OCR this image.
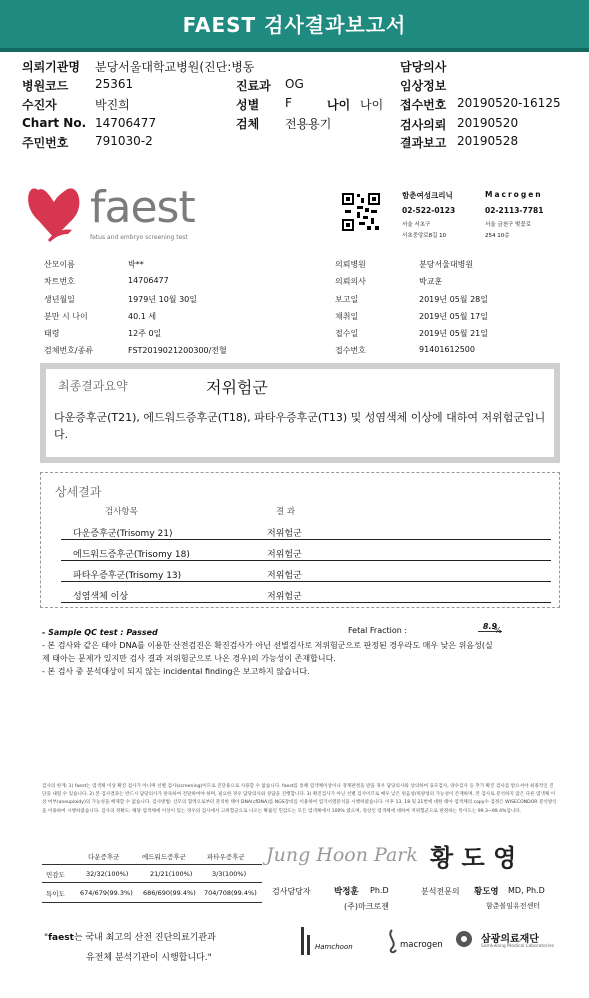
FAEST 검사결과보고서
의뢰기관명 분당서울대학교병원(진단:병동
병원코드 25361
수진자	박진희
Chart No. 14706477
주민번호 791030-2
진료과 OG
성별 F	나이 나이
검체 전용용기
담당의사
임상정보
접수번호 20190520-16125
검사의뢰 20190520
결과보고 20190528
faest
fetus and embryo screening test
함춘여성크리닉
02-522-0123
서울 서초구
서초중앙로8길 10
Macrogen
02-2113-7781
서울 금천구 벚꽃로
254 10층
산모이름	박**
차트번호	14706477
생년월일	1979년 10월 30일
분만 시 나이	40.1 세
태령	12주 0일
검체번호/종류	FST2019021200300/전혈
의뢰병원	분당서울대병원
의뢰의사	박교훈
보고일	2019년 05월 28일
채취일	2019년 05월 17일
접수일	2019년 05월 21일
접수번호	91401612500
최종결과요약	저위험군
다운증후군(T21), 에드워드증후군(T18), 파타우증후군(T13) 및 성염색체 이상에 대하여 저위험군입니다.
상세결과
검사항목	결 과
다운증후군(Trisomy 21)	저위험군
에드워드증후군(Trisomy 18)	저위험군
파타우증후군(Trisomy 13)	저위험군
성염색체 이상	저위험군
- Sample QC test : Passed	Fetal Fraction :	8.9
%
- 본 검사와 같은 태아 DNA를 이용한 산전검진은 확진검사가 아닌 선별검사로 저위험군으로 판정된 경우라도 매우 낮은 위음성(실
제 태아는 문제가 있지만 검사 결과 저위험군으로 나온 경우)의 가능성이 존재합니다.
- 본 검사 중 분석대상이 되지 않는 incidental finding은 보고하지 않습니다.
검사의 한계: 1) faest는 염색체 이상 확진 검사가 아니며 선별 검사(screening)이므로 진단용으로 사용할 수 없습니다. faest를 통해 염색체이상이나 경계판정을 받을 경우 담당의사와 상의하여 융모검사, 양수검사 등 추가 확진 검사를 받으셔야 최종적인 진단을 내릴 수 있습니다. 2) 본 검사결과는 반드시 담당의사가 판독하여 전달하여야 하며, 필요한 경우 담당의사와 상담을 진행합니다. 3) 확진검사가 아닌 선별 검사이므로 매우 낮은 위음성/위양성의 가능성이 존재하며, 본 검사로 분석하지 않은 다른 염색체 이상 여부(aneuploidy)의 가능성을 배제할 수 없습니다. 검사방법: 산모의 혈액으로부터 분리한 태아 DNA(cfDNA)를 NGS장비를 이용하여 염기서열분석을 시행하였습니다. 이후 13, 18 및 21번에 대한 태아 염색체의 copy수 검정은 WISECONDOR 분석방식을 이용하여 시행하였습니다. 검사의 정확도: 해당 염색체에 이상이 있는 경우의 검사에서 고위험군으로 나오는 확률인 민감도는 모든 염색체에서 100% 였으며, 정상인 염색체에 대하여 저위험군으로 판정하는 특이도는 99.3~99.4%입니다.
다운증후군	에드워드증후군	파타우증후군
민감도	32/32(100%)	21/21(100%)	3/3(100%)
특이도 674/679(99.3%) 686/690(99.4%) 704/708(99.4%)
Jung Hoon Park 황 도 영
검사담당자	박정훈 Ph.D
(주)마크로젠
분석전문의 황도영 MD, Ph.D
함춘볼임유전센터
"faest는 국내 최고의 산전 진단의료기관과
유전체 분석기관이 시행합니다."
Hamchoon	macrogen	삼광의료재단
Samkwang Medical Laboratories
